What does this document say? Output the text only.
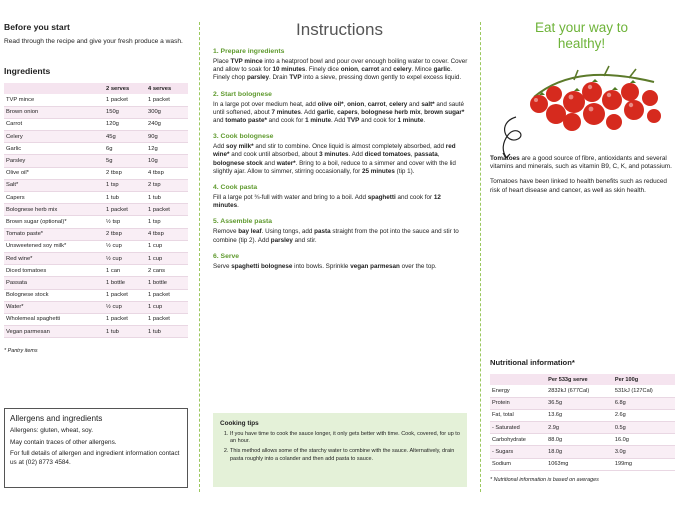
Before you start
Read through the recipe and give your fresh produce a wash.
Ingredients
	2 serves	4 serves
TVP mince	1 packet	1 packet
Brown onion	150g	300g
Carrot	120g	240g
Celery	45g	90g
Garlic	6g	12g
Parsley	5g	10g
Olive oil*	2 tbsp	4 tbsp
Salt*	1 tsp	2 tsp
Capers	1 tub	1 tub
Bolognese herb mix	1 packet	1 packet
Brown sugar (optional)*	½ tsp	1 tsp
Tomato paste*	2 tbsp	4 tbsp
Unsweetened soy milk*	½ cup	1 cup
Red wine*	½ cup	1 cup
Diced tomatoes	1 can	2 cans
Passata	1 bottle	1 bottle
Bolognese stock	1 packet	1 packet
Water*	½ cup	1 cup
Wholemeal spaghetti	1 packet	1 packet
Vegan parmesan	1 tub	1 tub
* Pantry items
Allergens and ingredients

Allergens: gluten, wheat, soy.

May contain traces of other allergens.

For full details of allergen and ingredient information contact us at (02) 8773 4584.

Instructions
1. Prepare ingredients

Place TVP mince into a heatproof bowl and pour over enough boiling water to cover. Cover and allow to soak for 10 minutes. Finely dice onion, carrot and celery. Mince garlic. Finely chop parsley. Drain TVP into a sieve, pressing down gently to expel excess liquid.

2. Start bolognese

In a large pot over medium heat, add olive oil*, onion, carrot, celery and salt* and sauté until softened, about 7 minutes. Add garlic, capers, bolognese herb mix, brown sugar* and tomato paste* and cook for 1 minute. Add TVP and cook for 1 minute.

3. Cook bolognese

Add soy milk* and stir to combine. Once liquid is almost completely absorbed, add red wine* and cook until absorbed, about 3 minutes. Add diced tomatoes, passata, bolognese stock and water*. Bring to a boil, reduce to a simmer and cover with the lid slightly ajar. Allow to simmer, stirring occasionally, for 25 minutes (tip 1).

4. Cook pasta

Fill a large pot ¾-full with water and bring to a boil. Add spaghetti and cook for 12 minutes.

5. Assemble pasta

Remove bay leaf. Using tongs, add pasta straight from the pot into the sauce and stir to combine (tip 2). Add parsley and stir.

6. Serve

Serve spaghetti bolognese into bowls. Sprinkle vegan parmesan over the top.

Cooking tips
1. If you have time to cook the sauce longer, it only gets better with time. Cook, covered, for up to an hour.
2. This method allows some of the starchy water to combine with the sauce. Alternatively, drain pasta roughly into a colander and then add pasta to sauce.
Eat your way to healthy!

Tomatoes are a good source of fibre, antioxidants and several vitamins and minerals, such as vitamin B9, C, K, and potassium.

Tomatoes have been linked to health benefits such as reduced risk of heart disease and cancer, as well as skin health.

Nutritional information*
	Per 533g serve	Per 100g
Energy	2832kJ (677Cal)	531kJ (127Cal)
Protein	36.5g	6.8g
Fat, total	13.6g	2.6g
- Saturated	2.9g	0.5g
Carbohydrate	88.0g	16.0g
- Sugars	18.0g	3.0g
Sodium	1063mg	199mg
* Nutritional information is based on averages
